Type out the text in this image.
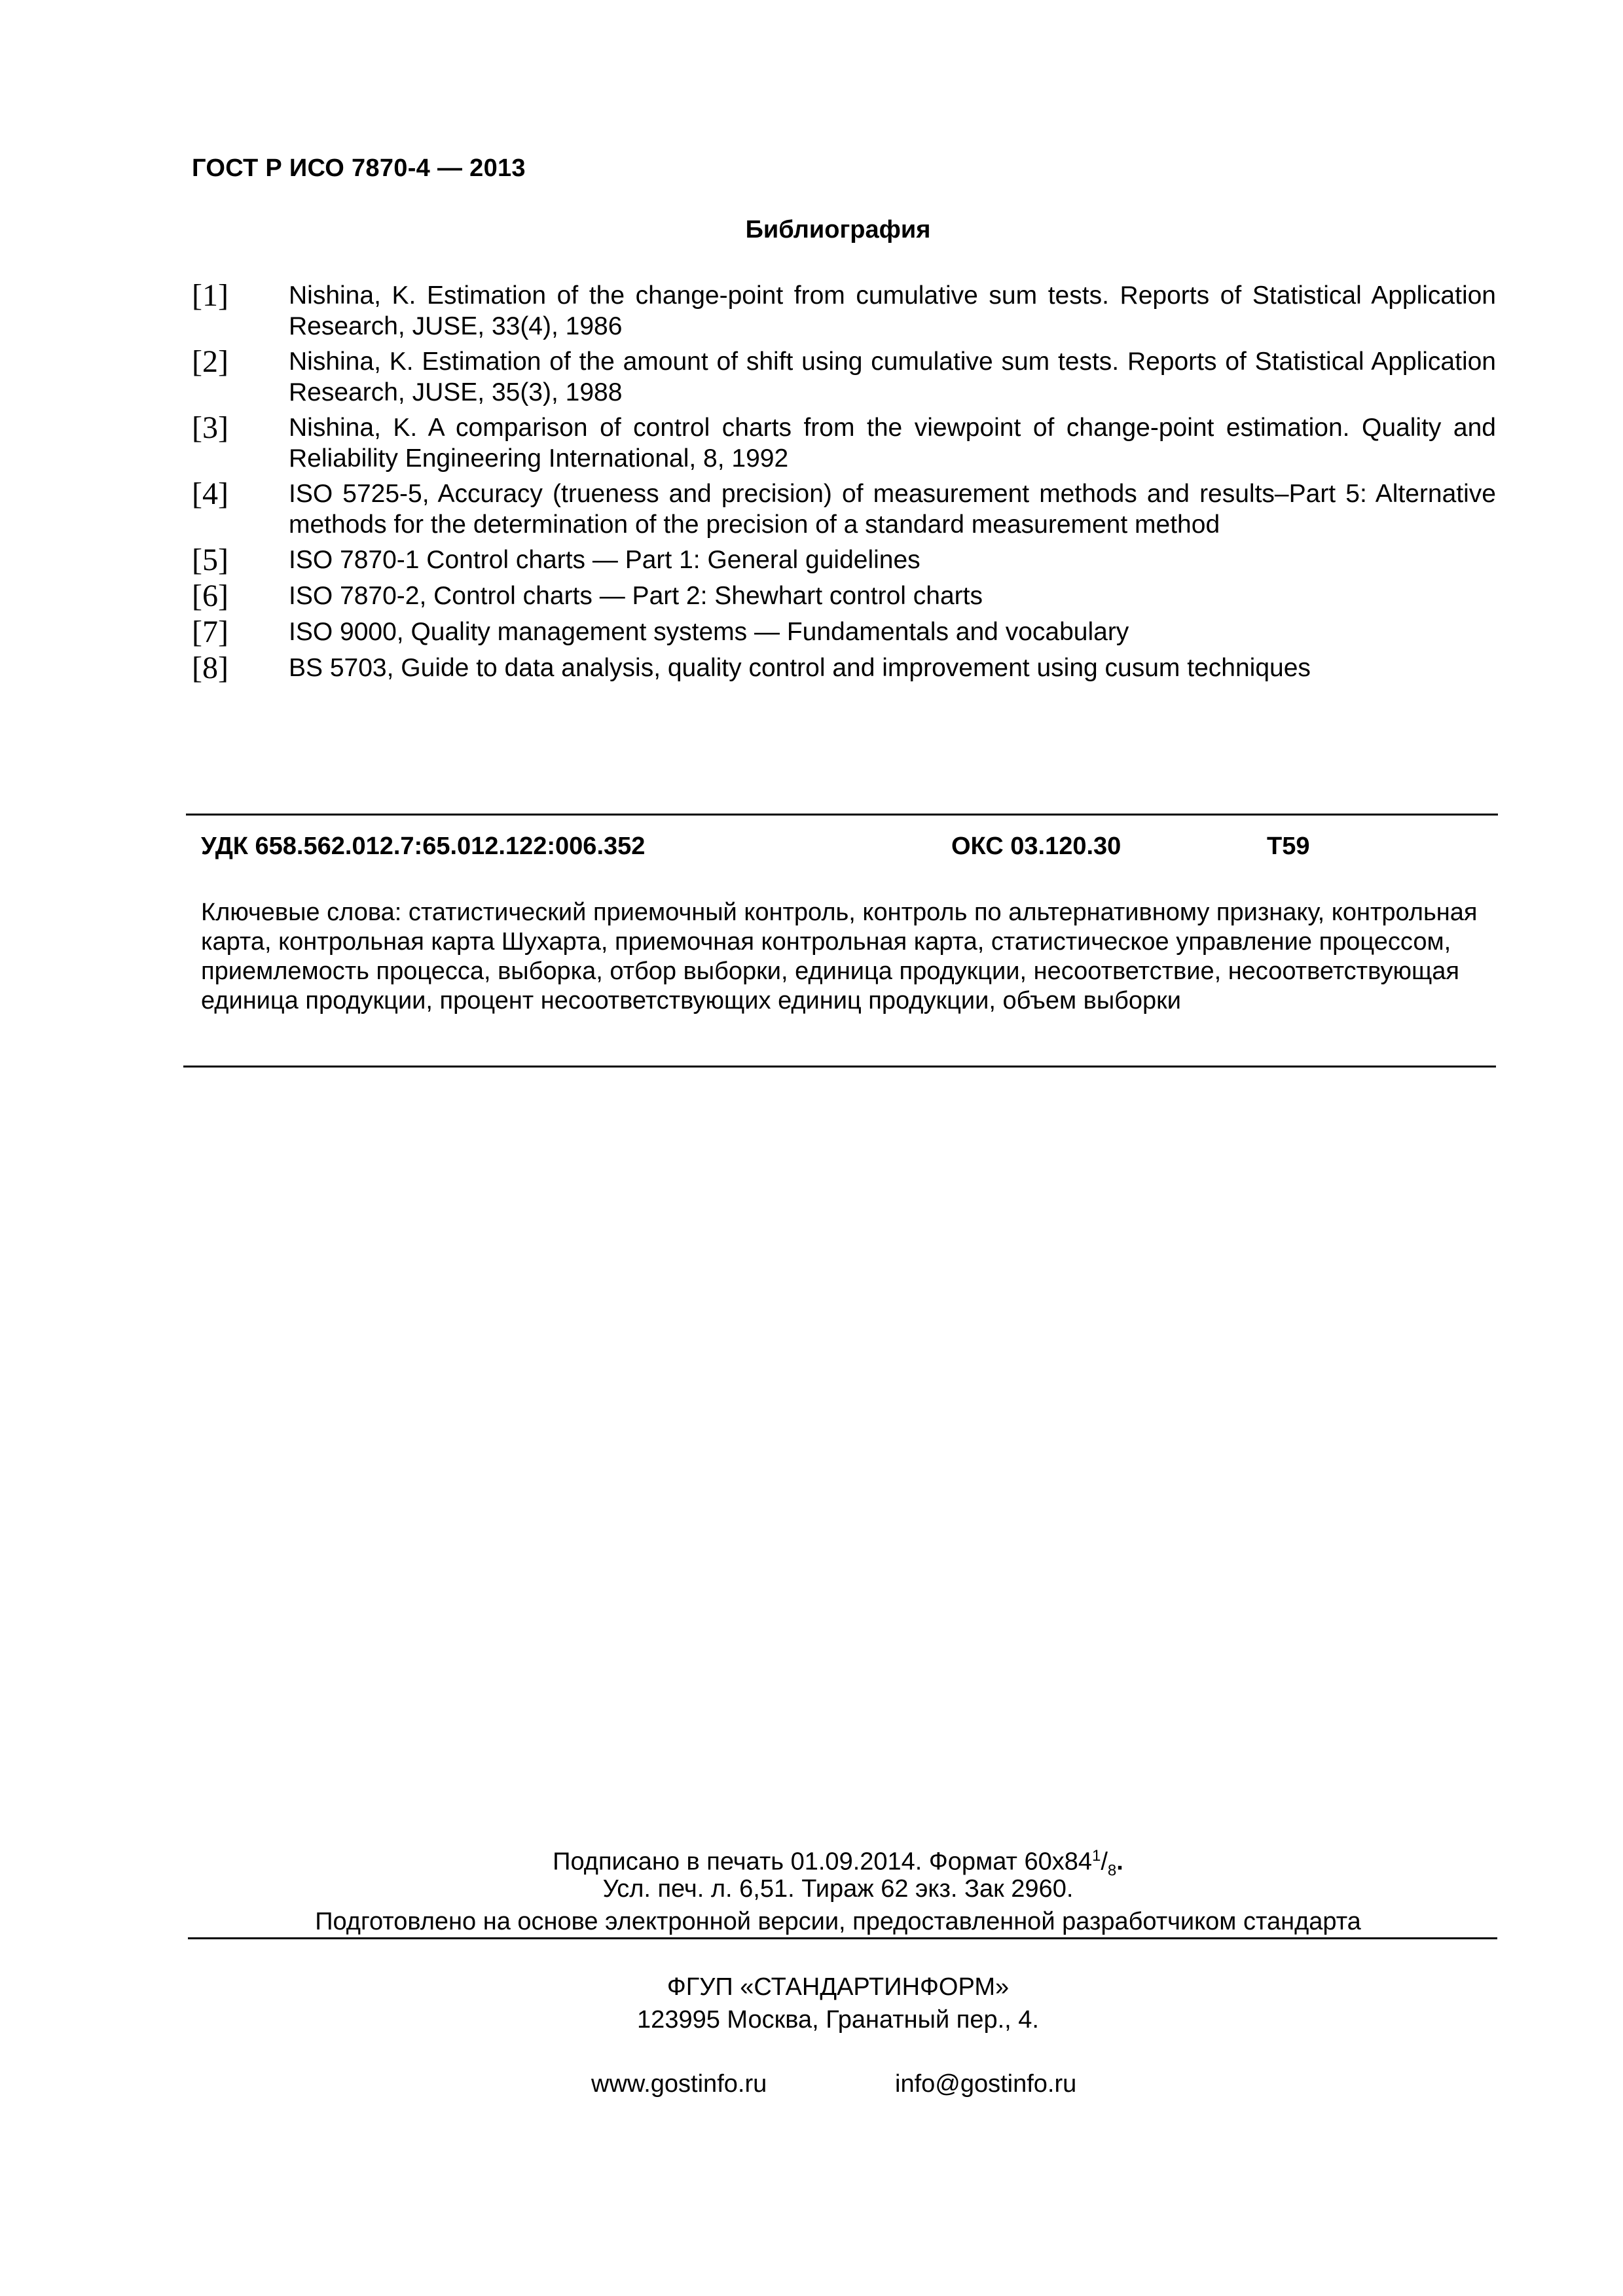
ГОСТ Р ИСО 7870-4 — 2013
Библиография
[1]	Nishina, K. Estimation of the change-point from cumulative sum tests. Reports of Statistical Application Research, JUSE, 33(4), 1986
[2]	Nishina, K. Estimation of the amount of shift using cumulative sum tests. Reports of Statistical Application Research, JUSE, 35(3), 1988
[3]	Nishina, K. A comparison of control charts from the viewpoint of change-point estimation. Quality and Reliability Engineering International, 8, 1992
[4]	ISO 5725-5, Accuracy (trueness and precision) of measurement methods and results–Part 5: Alternative methods for the determination of the precision of a standard measurement method
[5]	ISO 7870-1 Control charts — Part 1: General guidelines
[6]	ISO 7870-2, Control charts — Part 2: Shewhart control charts
[7]	ISO 9000, Quality management systems — Fundamentals and vocabulary
[8]	BS 5703, Guide to data analysis, quality control and improvement using cusum techniques
УДК 658.562.012.7:65.012.122:006.352	ОКС 03.120.30	Т59
Ключевые слова: статистический приемочный контроль, контроль по альтернативному признаку, контрольная карта, контрольная карта Шухарта, приемочная контрольная карта, статистическое управление процессом, приемлемость процесса, выборка, отбор выборки, единица продукции, несоответствие, несоответствующая единица продукции, процент несоответствующих единиц продукции, объем выборки
Подписано в печать 01.09.2014. Формат $60х84^1/_8$.
Усл. печ. л. 6,51. Тираж 62 экз. Зак 2960.
Подготовлено на основе электронной версии, предоставленной разработчиком стандарта
ФГУП «СТАНДАРТИНФОРМ»
123995 Москва, Гранатный пер., 4.
www.gostinfo.ru	info@gostinfo.ru
